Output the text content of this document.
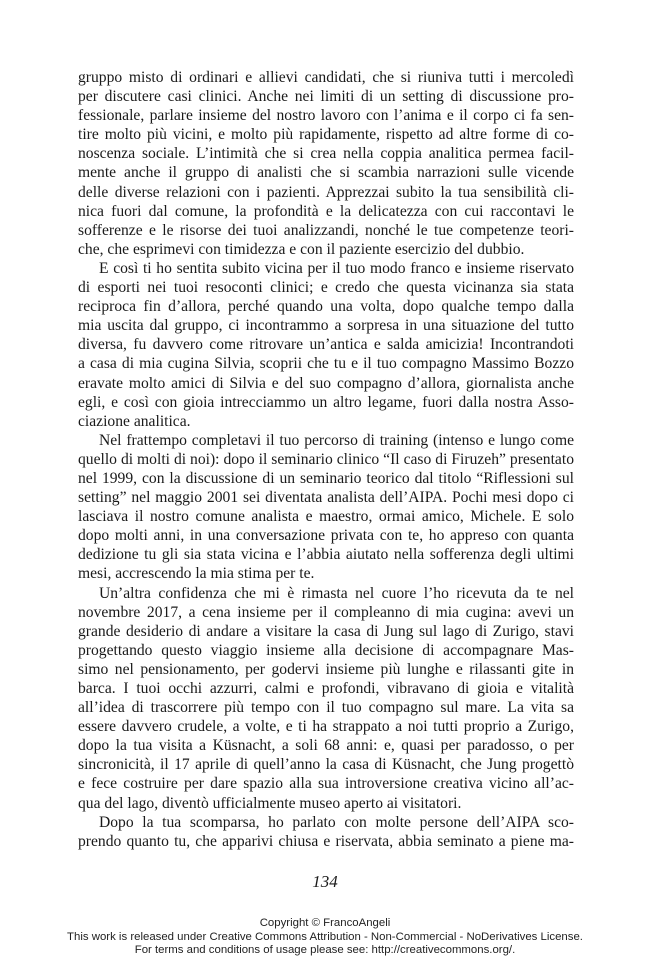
gruppo misto di ordinari e allievi candidati, che si riuniva tutti i mercoledì
per discutere casi clinici. Anche nei limiti di un setting di discussione pro-
fessionale, parlare insieme del nostro lavoro con l’anima e il corpo ci fa sen-
tire molto più vicini, e molto più rapidamente, rispetto ad altre forme di co-
noscenza sociale. L’intimità che si crea nella coppia analitica permea facil-
mente anche il gruppo di analisti che si scambia narrazioni sulle vicende
delle diverse relazioni con i pazienti. Apprezzai subito la tua sensibilità cli-
nica fuori dal comune, la profondità e la delicatezza con cui raccontavi le
sofferenze e le risorse dei tuoi analizzandi, nonché le tue competenze teori-
che, che esprimevi con timidezza e con il paziente esercizio del dubbio.
E così ti ho sentita subito vicina per il tuo modo franco e insieme riservato
di esporti nei tuoi resoconti clinici; e credo che questa vicinanza sia stata
reciproca fin d’allora, perché quando una volta, dopo qualche tempo dalla
mia uscita dal gruppo, ci incontrammo a sorpresa in una situazione del tutto
diversa, fu davvero come ritrovare un’antica e salda amicizia! Incontrandoti
a casa di mia cugina Silvia, scoprii che tu e il tuo compagno Massimo Bozzo
eravate molto amici di Silvia e del suo compagno d’allora, giornalista anche
egli, e così con gioia intrecciammo un altro legame, fuori dalla nostra Asso-
ciazione analitica.
Nel frattempo completavi il tuo percorso di training (intenso e lungo come
quello di molti di noi): dopo il seminario clinico “Il caso di Firuzeh” presentato
nel 1999, con la discussione di un seminario teorico dal titolo “Riflessioni sul
setting” nel maggio 2001 sei diventata analista dell’AIPA. Pochi mesi dopo ci
lasciava il nostro comune analista e maestro, ormai amico, Michele. E solo
dopo molti anni, in una conversazione privata con te, ho appreso con quanta
dedizione tu gli sia stata vicina e l’abbia aiutato nella sofferenza degli ultimi
mesi, accrescendo la mia stima per te.
Un’altra confidenza che mi è rimasta nel cuore l’ho ricevuta da te nel
novembre 2017, a cena insieme per il compleanno di mia cugina: avevi un
grande desiderio di andare a visitare la casa di Jung sul lago di Zurigo, stavi
progettando questo viaggio insieme alla decisione di accompagnare Mas-
simo nel pensionamento, per godervi insieme più lunghe e rilassanti gite in
barca. I tuoi occhi azzurri, calmi e profondi, vibravano di gioia e vitalità
all’idea di trascorrere più tempo con il tuo compagno sul mare. La vita sa
essere davvero crudele, a volte, e ti ha strappato a noi tutti proprio a Zurigo,
dopo la tua visita a Küsnacht, a soli 68 anni: e, quasi per paradosso, o per
sincronicità, il 17 aprile di quell’anno la casa di Küsnacht, che Jung progettò
e fece costruire per dare spazio alla sua introversione creativa vicino all’ac-
qua del lago, diventò ufficialmente museo aperto ai visitatori.
Dopo la tua scomparsa, ho parlato con molte persone dell’AIPA sco-
prendo quanto tu, che apparivi chiusa e riservata, abbia seminato a piene ma-
134
Copyright © FrancoAngeli
This work is released under Creative Commons Attribution - Non-Commercial - NoDerivatives License.
For terms and conditions of usage please see: http://creativecommons.org/.
